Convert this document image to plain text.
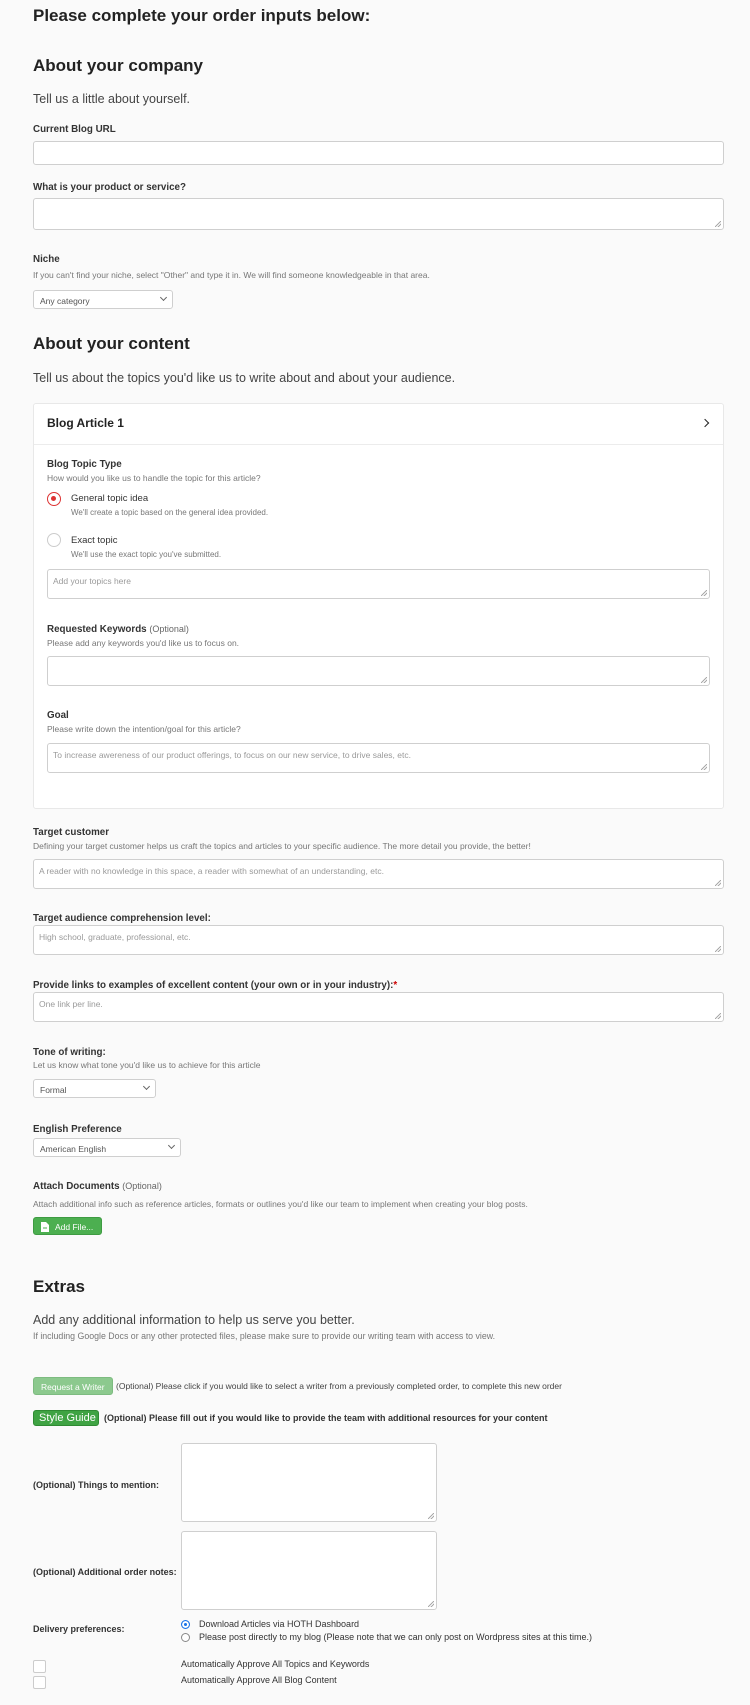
Please complete your order inputs below:
About your company
Tell us a little about yourself.
Current Blog URL
What is your product or service?
Niche
If you can't find your niche, select "Other" and type it in. We will find someone knowledgeable in that area.
Any category
About your content
Tell us about the topics you'd like us to write about and about your audience.
Blog Article 1
Blog Topic Type
How would you like us to handle the topic for this article?
General topic idea
We'll create a topic based on the general idea provided.
Exact topic
We'll use the exact topic you've submitted.
Add your topics here
Requested Keywords (Optional)
Please add any keywords you'd like us to focus on.
Goal
Please write down the intention/goal for this article?
To increase awereness of our product offerings, to focus on our new service, to drive sales, etc.
Target customer
Defining your target customer helps us craft the topics and articles to your specific audience. The more detail you provide, the better!
A reader with no knowledge in this space, a reader with somewhat of an understanding, etc.
Target audience comprehension level:
High school, graduate, professional, etc.
Provide links to examples of excellent content (your own or in your industry):*
One link per line.
Tone of writing:
Let us know what tone you'd like us to achieve for this article
Formal
English Preference
American English
Attach Documents (Optional)
Attach additional info such as reference articles, formats or outlines you'd like our team to implement when creating your blog posts.
Add File...
Extras
Add any additional information to help us serve you better.
If including Google Docs or any other protected files, please make sure to provide our writing team with access to view.
Request a Writer (Optional) Please click if you would like to select a writer from a previously completed order, to complete this new order
Style Guide (Optional) Please fill out if you would like to provide the team with additional resources for your content
(Optional) Things to mention:
(Optional) Additional order notes:
Delivery preferences:	Download Articles via HOTH Dashboard
Please post directly to my blog (Please note that we can only post on Wordpress sites at this time.)
Automatically Approve All Topics and Keywords
Automatically Approve All Blog Content
